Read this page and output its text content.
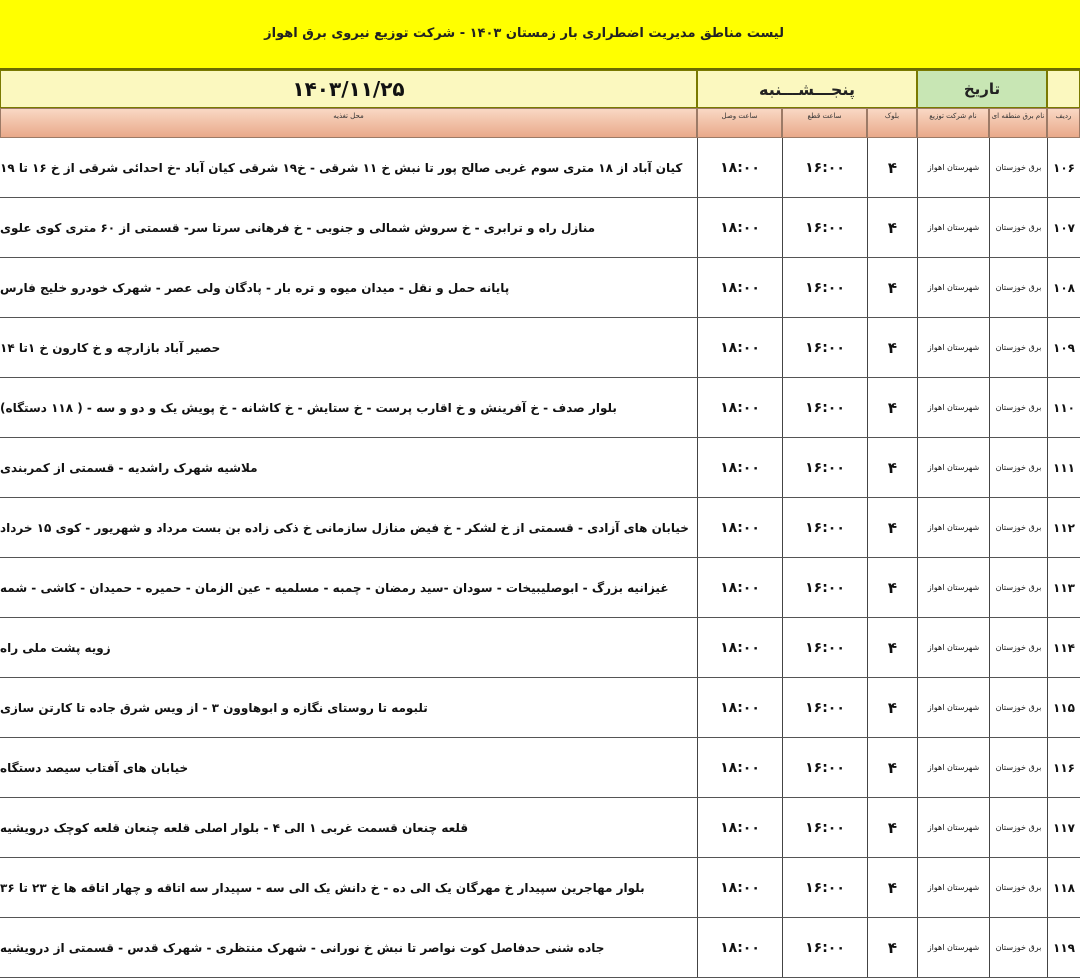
لیست مناطق مدیریت اضطراری بار زمستان ۱۴۰۳ - شرکت توزیع نیروی برق اهواز
۱۴۰۳/۱۱/۲۵	پنجـــشـــنبه	تاریخ
محل تغذیه	ساعت وصل	ساعت قطع	بلوک	نام شرکت توزیع	نام برق منطقه ای	ردیف
کیان آباد از ۱۸ متری سوم غربی صالح پور تا نبش خ ۱۱ شرقی - خ۱۹ شرقی کیان آباد -خ احدائی شرقی از خ ۱۶ تا ۱۹	۱۸:۰۰	۱۶:۰۰	۴	شهرستان اهواز	برق خوزستان ۱۰۶
منازل راه و ترابری - خ سروش شمالی و جنوبی - خ فرهانی سرتا سر- قسمتی از ۶۰ متری کوی علوی	۱۸:۰۰	۱۶:۰۰	۴	شهرستان اهواز	برق خوزستان ۱۰۷
پایانه حمل و نقل - میدان میوه و تره بار - پادگان ولی عصر - شهرک خودرو خلیج فارس	۱۸:۰۰	۱۶:۰۰	۴	شهرستان اهواز	برق خوزستان ۱۰۸
حصیر آباد بازارچه و خ کارون خ ۱تا ۱۴	۱۸:۰۰	۱۶:۰۰	۴	شهرستان اهواز	برق خوزستان ۱۰۹
بلوار صدف - خ آفرینش و خ اقارب پرست - خ ستایش - خ کاشانه - خ پویش یک و دو و سه - ( ۱۱۸ دستگاه)	۱۸:۰۰	۱۶:۰۰	۴	شهرستان اهواز	برق خوزستان ۱۱۰
ملاشیه شهرک راشدیه - قسمتی از کمربندی	۱۸:۰۰	۱۶:۰۰	۴	شهرستان اهواز	برق خوزستان ۱۱۱
خیابان های آزادی - قسمتی از خ لشکر - خ فیض منازل سازمانی خ ذکی زاده بن بست مرداد و شهریور - کوی ۱۵ خرداد	۱۸:۰۰	۱۶:۰۰	۴	شهرستان اهواز	برق خوزستان ۱۱۲
غیزانیه بزرگ - ابوصلیبیخات - سودان -سید رمضان - چمبه - مسلمیه - عین الزمان - حمیره - حمیدان - کاشی - شمه	۱۸:۰۰	۱۶:۰۰	۴	شهرستان اهواز	برق خوزستان ۱۱۳
زویه پشت ملی راه	۱۸:۰۰	۱۶:۰۰	۴	شهرستان اهواز	برق خوزستان ۱۱۴
تلبومه تا روستای نگازه و ابوهاوون ۳ - از ویس شرق جاده تا کارتن سازی	۱۸:۰۰	۱۶:۰۰	۴	شهرستان اهواز	برق خوزستان ۱۱۵
خیابان های آفتاب سیصد دستگاه	۱۸:۰۰	۱۶:۰۰	۴	شهرستان اهواز	برق خوزستان ۱۱۶
قلعه چنعان قسمت غربی ۱ الی ۴ - بلوار اصلی قلعه چنعان قلعه کوچک درویشیه	۱۸:۰۰	۱۶:۰۰	۴	شهرستان اهواز	برق خوزستان ۱۱۷
بلوار مهاجرین سپیدار خ مهرگان یک الی ده - خ دانش یک الی سه - سپیدار سه اتاقه و چهار اتاقه ها خ ۲۳ تا ۳۶	۱۸:۰۰	۱۶:۰۰	۴	شهرستان اهواز	برق خوزستان ۱۱۸
جاده شنی حدفاصل کوت نواصر تا نبش خ نورانی - شهرک منتظری - شهرک قدس - قسمتی از درویشیه	۱۸:۰۰	۱۶:۰۰	۴	شهرستان اهواز	برق خوزستان ۱۱۹
